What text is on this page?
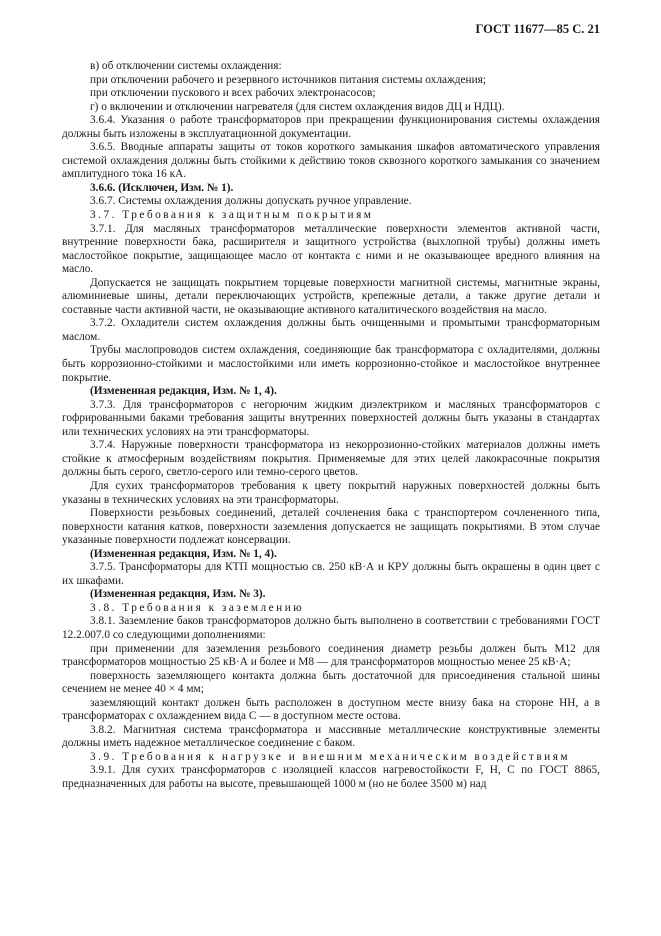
ГОСТ 11677—85 С. 21

в) об отключении системы охлаждения:

при отключении рабочего и резервного источников питания системы охлаждения;

при отключении пускового и всех рабочих электронасосов;

г) о включении и отключении нагревателя (для систем охлаждения видов ДЦ и НДЦ).

3.6.4. Указания о работе трансформаторов при прекращении функционирования системы охлаждения должны быть изложены в эксплуатационной документации.

3.6.5. Вводные аппараты защиты от токов короткого замыкания шкафов автоматического управления системой охлаждения должны быть стойкими к действию токов сквозного короткого замыкания со значением амплитудного тока 16 кА.

3.6.6. (Исключен, Изм. № 1).

3.6.7. Системы охлаждения должны допускать ручное управление.

3.7. Требования к защитным покрытиям

3.7.1. Для масляных трансформаторов металлические поверхности элементов активной части, внутренние поверхности бака, расширителя и защитного устройства (выхлопной трубы) должны иметь маслостойкое покрытие, защищающее масло от контакта с ними и не оказывающее вредного влияния на масло.

Допускается не защищать покрытием торцевые поверхности магнитной системы, магнитные экраны, алюминиевые шины, детали переключающих устройств, крепежные детали, а также другие детали и составные части активной части, не оказывающие активного каталитического воздействия на масло.

3.7.2. Охладители систем охлаждения должны быть очищенными и промытыми трансформаторным маслом.

Трубы маслопроводов систем охлаждения, соединяющие бак трансформатора с охладителями, должны быть коррозионно-стойкими и маслостойкими или иметь коррозионно-стойкое и маслостойкое внутреннее покрытие.

(Измененная редакция, Изм. № 1, 4).

3.7.3. Для трансформаторов с негорючим жидким диэлектриком и масляных трансформаторов с гофрированными баками требования защиты внутренних поверхностей должны быть указаны в стандартах или технических условиях на эти трансформаторы.

3.7.4. Наружные поверхности трансформатора из некоррозионно-стойких материалов должны иметь стойкие к атмосферным воздействиям покрытия. Применяемые для этих целей лакокрасочные покрытия должны быть серого, светло-серого или темно-серого цветов.

Для сухих трансформаторов требования к цвету покрытий наружных поверхностей должны быть указаны в технических условиях на эти трансформаторы.

Поверхности резьбовых соединений, деталей сочленения бака с транспортером сочлененного типа, поверхности катания катков, поверхности заземления допускается не защищать покрытиями. В этом случае указанные поверхности подлежат консервации.

(Измененная редакция, Изм. № 1, 4).

3.7.5. Трансформаторы для КТП мощностью св. 250 кВ·А и КРУ должны быть окрашены в один цвет с их шкафами.

(Измененная редакция, Изм. № 3).

3.8. Требования к заземлению

3.8.1. Заземление баков трансформаторов должно быть выполнено в соответствии с требованиями ГОСТ 12.2.007.0 со следующими дополнениями:

при применении для заземления резьбового соединения диаметр резьбы должен быть М12 для трансформаторов мощностью 25 кВ·А и более и М8 — для трансформаторов мощностью менее 25 кВ·А;

поверхность заземляющего контакта должна быть достаточной для присоединения стальной шины сечением не менее 40 × 4 мм;

заземляющий контакт должен быть расположен в доступном месте внизу бака на стороне НН, а в трансформаторах с охлаждением вида С — в доступном месте остова.

3.8.2. Магнитная система трансформатора и массивные металлические конструктивные элементы должны иметь надежное металлическое соединение с баком.

3.9. Требования к нагрузке и внешним механическим воздействиям

3.9.1. Для сухих трансформаторов с изоляцией классов нагревостойкости F, Н, С по ГОСТ 8865, предназначенных для работы на высоте, превышающей 1000 м (но не более 3500 м) над
